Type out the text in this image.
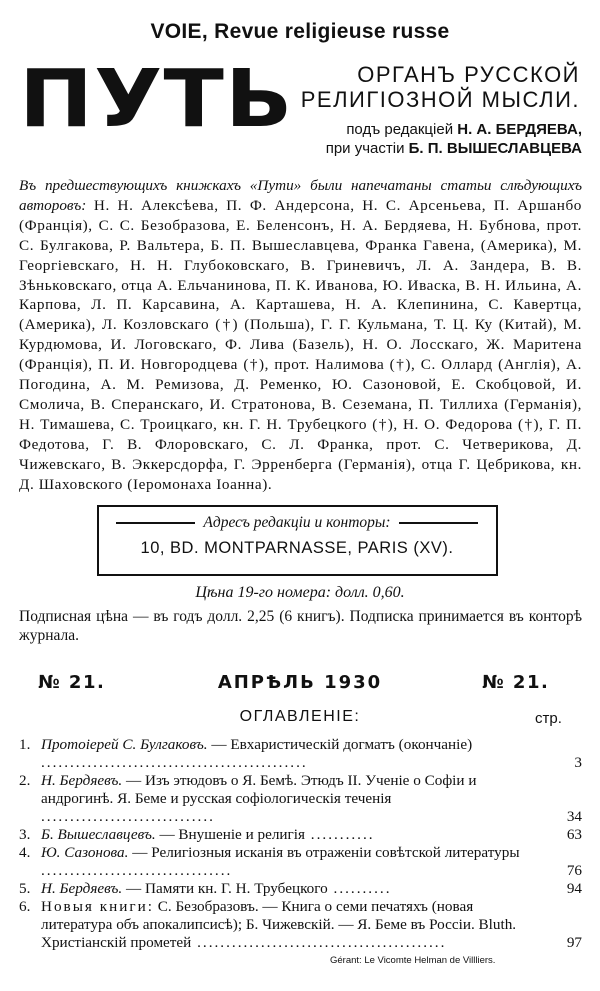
VOIE, Revue religieuse russe
ПУТЬ	ОРГАНЪ РУССКОЙ
РЕЛИГІОЗНОЙ МЫСЛИ.
подъ редакціей Н. А. БЕРДЯЕВА,
при участіи Б. П. ВЫШЕСЛАВЦЕВА
Въ предшествующихъ книжкахъ «Пути» были напечатаны статьи слѣдующихъ авторовъ: Н. Н. Алексѣева, П. Ф. Андерсона, Н. С. Арсеньева, П. Аршанбо (Франція), С. С. Безобразова, Е. Беленсонъ, Н. А. Бердяева, Н. Бубнова, прот. С. Булгакова, Р. Вальтера, Б. П. Вышеславцева, Франка Гавена, (Америка), М. Георгіевскаго, Н. Н. Глубоковскаго, В. Гриневичъ, Л. А. Зандера, В. В. Зѣньковскаго, отца А. Ельчанинова, П. К. Иванова, Ю. Иваска, В. Н. Ильина, А. Карпова, Л. П. Карсавина, А. Карташева, Н. А. Клепинина, С. Кавертца, (Америка), Л. Козловскаго (†) (Польша), Г. Г. Кульмана, Т. Ц. Ку (Китай), М. Курдюмова, И. Логовскаго, Ф. Лива (Базель), Н. О. Лосскаго, Ж. Маритена (Франція), П. И. Новгородцева (†), прот. Налимова (†), С. Оллард (Англія), А. Погодина, А. М. Ремизова, Д. Ременко, Ю. Сазоновой, Е. Скобцовой, И. Смолича, В. Сперанскаго, И. Стратонова, В. Сеземана, П. Тиллиха (Германія), Н. Тимашева, С. Троицкаго, кн. Г. Н. Трубецкого (†), Н. О. Федорова (†), Г. П. Федотова, Г. В. Флоровскаго, С. Л. Франка, прот. С. Четверикова, Д. Чижевскаго, В. Эккерсдорфа, Г. Эрренберга (Германія), отца Г. Цебрикова, кн. Д. Шаховского (Іеромонаха Іоанна).
Адресъ редакціи и конторы:
10, BD. MONTPARNASSE, PARIS (XV).
Цѣна 19-го номера: долл. 0,60.
Подписная цѣна — въ годъ долл. 2,25 (6 книгъ). Подписка принимается въ конторѣ журнала.
№ 21.	АПРѢЛЬ 1930	№ 21.
ОГЛАВЛЕНІЕ:	стр.
1. Протоіерей С. Булгаковъ. — Евхаристическій догматъ (окончаніе) ..............................................	3
2. Н. Бердяевъ. — Изъ этюдовъ о Я. Бемѣ. Этюдъ II. Ученіе о Софіи и андрогинѣ. Я. Беме и русская софіологическія теченія ..............................	34
3. Б. Вышеславцевъ. — Внушеніе и религія ...........	63
4. Ю. Сазонова. — Религіозныя исканія въ отраженіи совѣтской литературы .................................	76
5. Н. Бердяевъ. — Памяти кн. Г. Н. Трубецкого ..........	94
6. Новыя книги: С. Безобразовъ. — Книга о семи печатяхъ (новая литература объ апокалипсисѣ); Б. Чижевскій. — Я. Беме въ Россіи. Bluth. Христіанскій прометей ...........................................	97
Gérant: Le Vicomte Helman de Villliers.
